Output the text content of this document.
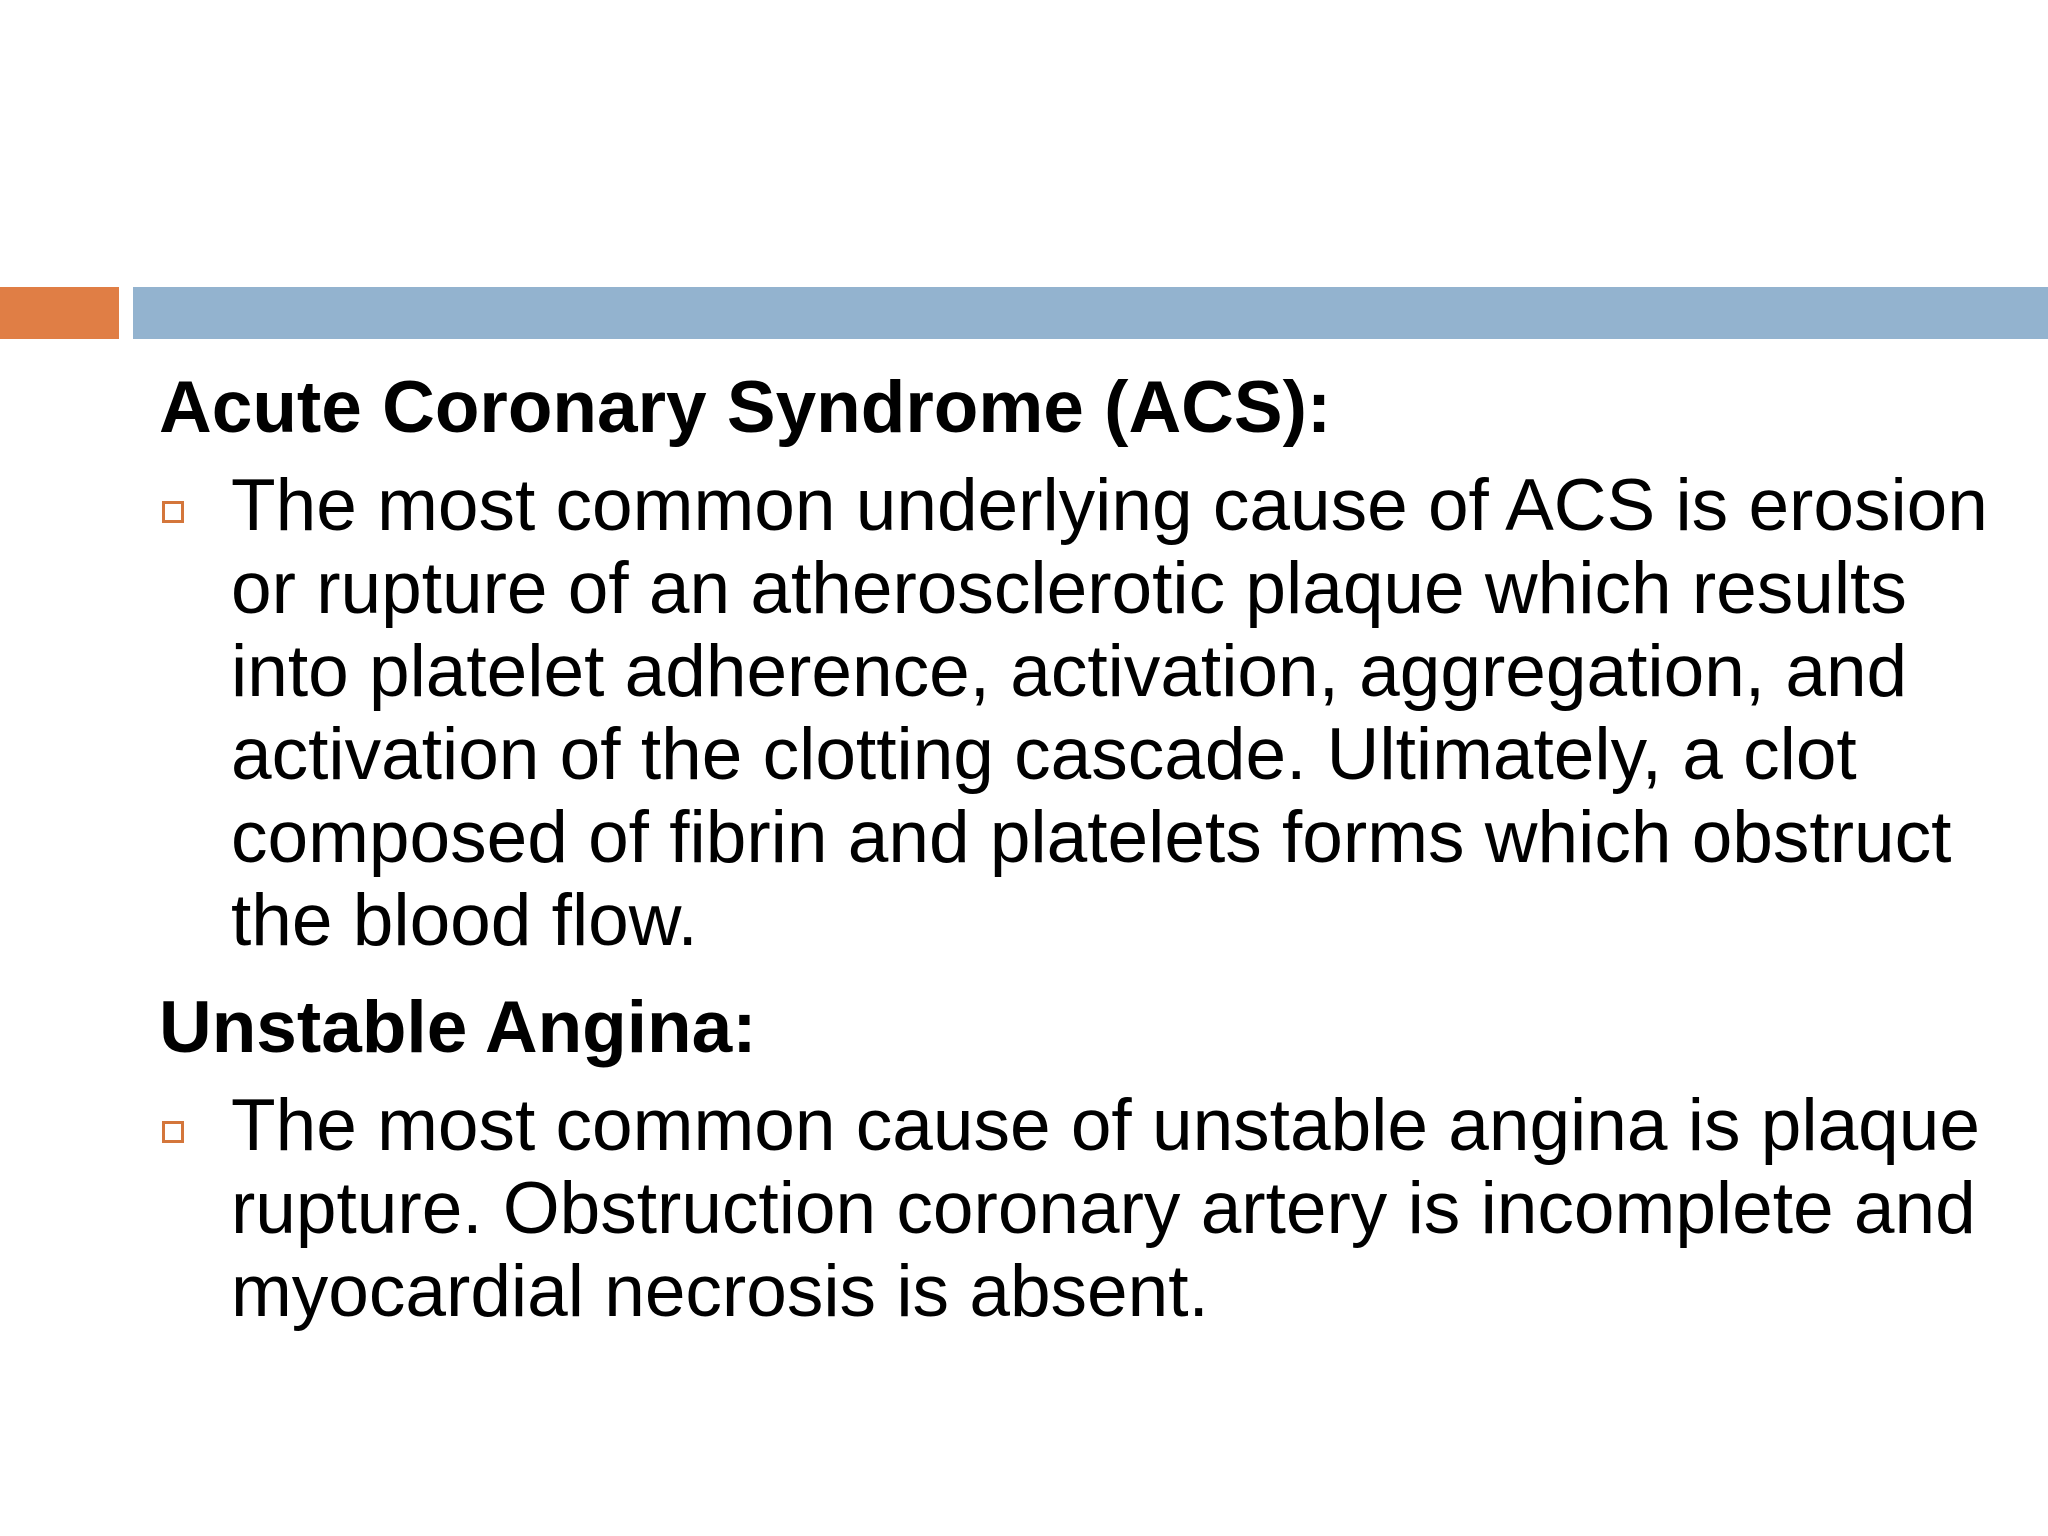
Acute Coronary Syndrome (ACS):

The most common underlying cause of ACS is erosion or rupture of an atherosclerotic plaque which results into platelet adherence, activation, aggregation, and activation of the clotting cascade. Ultimately, a clot composed of fibrin and platelets forms which obstruct the blood flow.

Unstable Angina:

The most common cause of unstable angina is plaque rupture. Obstruction coronary artery is incomplete and myocardial necrosis is absent.
